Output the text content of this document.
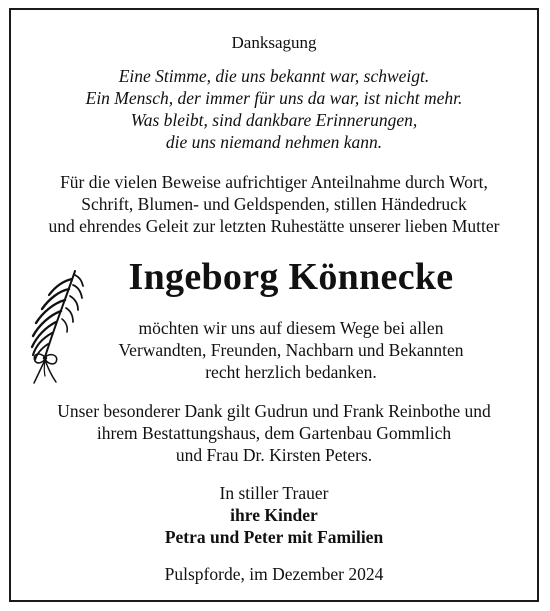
Danksagung
Eine Stimme, die uns bekannt war, schweigt.
Ein Mensch, der immer für uns da war, ist nicht mehr.
Was bleibt, sind dankbare Erinnerungen,
die uns niemand nehmen kann.
Für die vielen Beweise aufrichtiger Anteilnahme durch Wort,
Schrift, Blumen- und Geldspenden, stillen Händedruck
und ehrendes Geleit zur letzten Ruhestätte unserer lieben Mutter
Ingeborg Könnecke
möchten wir uns auf diesem Wege bei allen
Verwandten, Freunden, Nachbarn und Bekannten
recht herzlich bedanken.
Unser besonderer Dank gilt Gudrun und Frank Reinbothe und
ihrem Bestattungshaus, dem Gartenbau Gommlich
und Frau Dr. Kirsten Peters.
In stiller Trauer
ihre Kinder
Petra und Peter mit Familien
Pulspforde, im Dezember 2024
